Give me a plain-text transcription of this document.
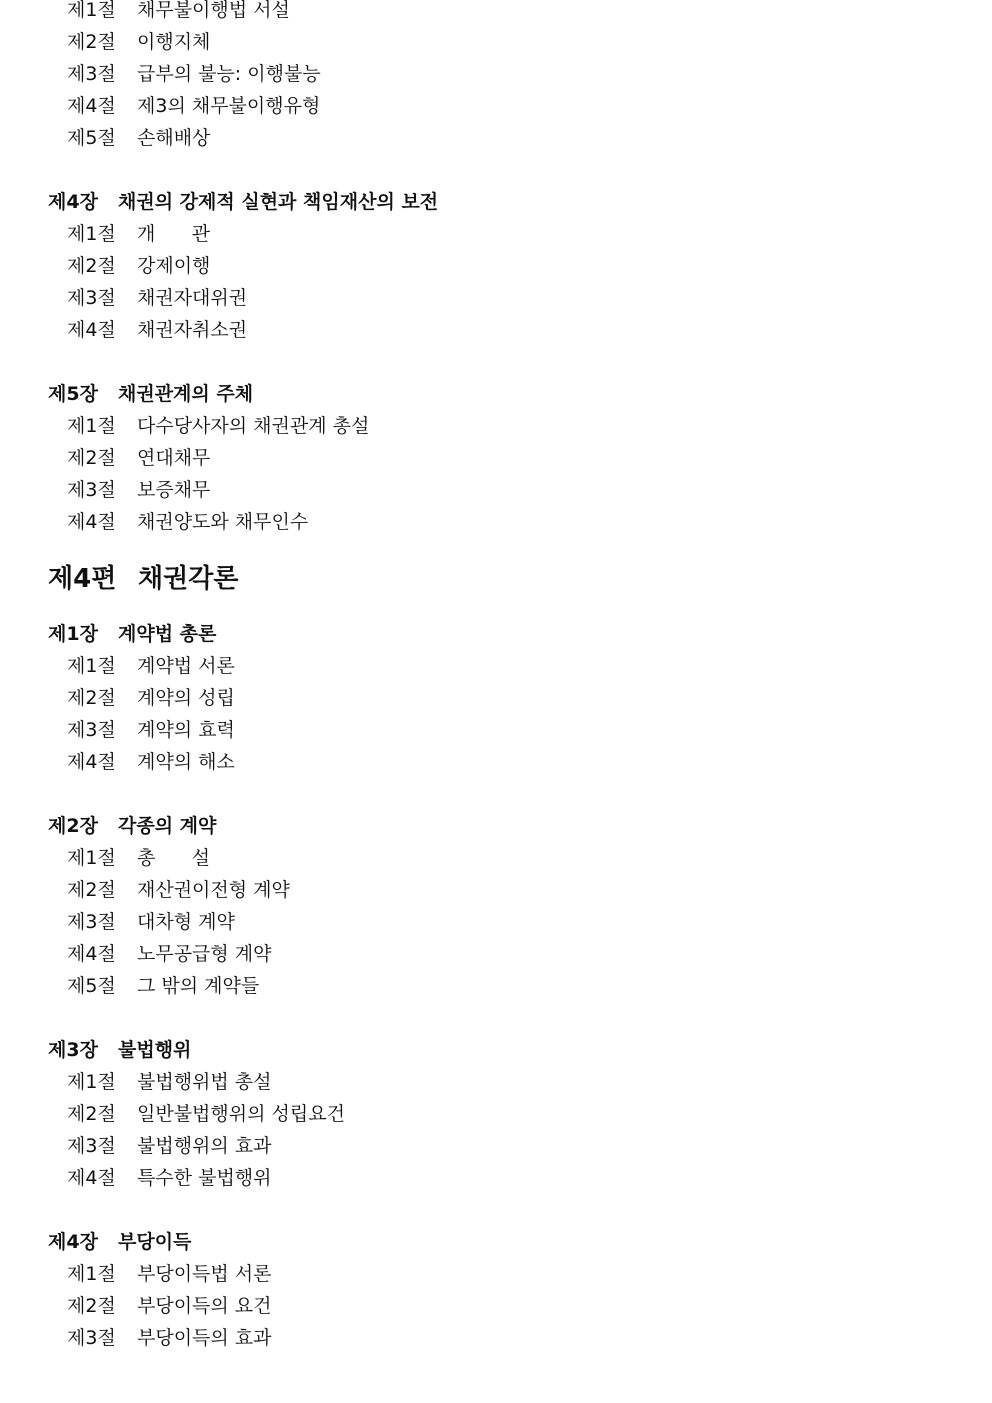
제1절 채무불이행법 서설
제2절 이행지체
제3절 급부의 불능: 이행불능
제4절 제3의 채무불이행유형
제5절 손해배상
제4장 채권의 강제적 실현과 책임재산의 보전
제1절 개      관
제2절 강제이행
제3절 채권자대위권
제4절 채권자취소권
제5장 채권관계의 주체
제1절 다수당사자의 채권관계 총설
제2절 연대채무
제3절 보증채무
제4절 채권양도와 채무인수
제4편 채권각론
제1장 계약법 총론
제1절 계약법 서론
제2절 계약의 성립
제3절 계약의 효력
제4절 계약의 해소
제2장 각종의 계약
제1절 총      설
제2절 재산권이전형 계약
제3절 대차형 계약
제4절 노무공급형 계약
제5절 그 밖의 계약들
제3장 불법행위
제1절 불법행위법 총설
제2절 일반불법행위의 성립요건
제3절 불법행위의 효과
제4절 특수한 불법행위
제4장 부당이득
제1절 부당이득법 서론
제2절 부당이득의 요건
제3절 부당이득의 효과
